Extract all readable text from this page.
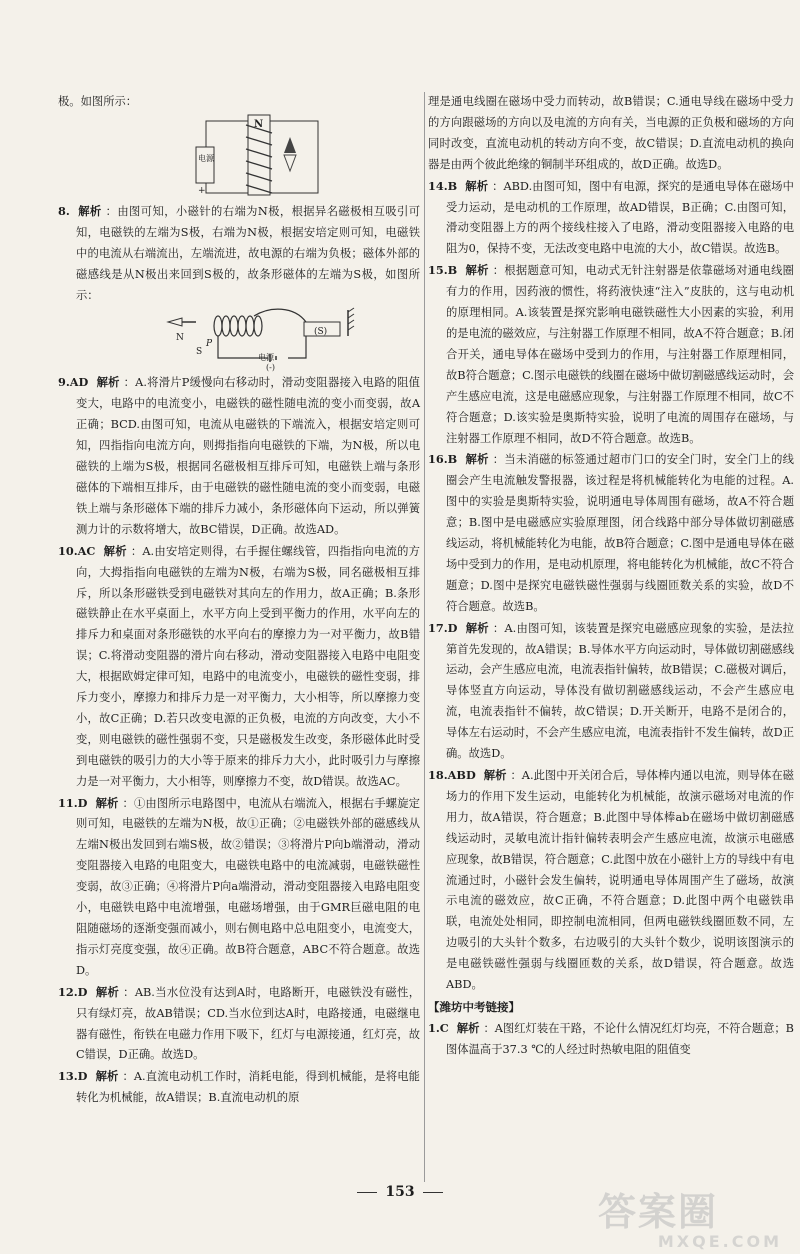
极。如图所示：

电源
+
N

8. 解析 ：由图可知，小磁针的右端为N极，根据异名磁极相互吸引可知，电磁铁的左端为S极，右端为N极，根据安培定则可知，电磁铁中的电流从右端流出，左端流进，故电源的右端为负极；磁体外部的磁感线是从N极出来回到S极的，故条形磁体的左端为S极，如图所示：

N
S
P
(S)
电源
(-)

9.AD 解析 ：A.将滑片P缓慢向右移动时，滑动变阻器接入电路的阻值变大，电路中的电流变小，电磁铁的磁性随电流的变小而变弱，故A正确；BCD.由图可知，电流从电磁铁的下端流入，根据安培定则可知，四指指向电流方向，则拇指指向电磁铁的下端，为N极，所以电磁铁的上端为S极，根据同名磁极相互排斥可知，电磁铁上端与条形磁体的下端相互排斥，由于电磁铁的磁性随电流的变小而变弱，电磁铁上端与条形磁体下端的排斥力减小，条形磁体向下运动，所以弹簧测力计的示数将增大，故BC错误，D正确。故选AD。

10.AC 解析 ：A.由安培定则得，右手握住螺线管，四指指向电流的方向，大拇指指向电磁铁的左端为N极，右端为S极，同名磁极相互排斥，所以条形磁铁受到电磁铁对其向左的作用力，故A正确；B.条形磁铁静止在水平桌面上，水平方向上受到平衡力的作用，水平向左的排斥力和桌面对条形磁铁的水平向右的摩擦力为一对平衡力，故B错误；C.将滑动变阻器的滑片向右移动，滑动变阻器接入电路中电阻变大，根据欧姆定律可知，电路中的电流变小，电磁铁的磁性变弱，排斥力变小，摩擦力和排斥力是一对平衡力，大小相等，所以摩擦力变小，故C正确；D.若只改变电源的正负极，电流的方向改变，大小不变，则电磁铁的磁性强弱不变，只是磁极发生改变，条形磁体此时受到电磁铁的吸引力的大小等于原来的排斥力大小，此时吸引力与摩擦力是一对平衡力，大小相等，则摩擦力不变，故D错误。故选AC。

11.D 解析 ：①由图所示电路图中，电流从右端流入，根据右手螺旋定则可知，电磁铁的左端为N极，故①正确；②电磁铁外部的磁感线从左端N极出发回到右端S极，故②错误；③将滑片P向b端滑动，滑动变阻器接入电路的电阻变大，电磁铁电路中的电流减弱，电磁铁磁性变弱，故③正确；④将滑片P向a端滑动，滑动变阻器接入电路电阻变小，电磁铁电路中电流增强，电磁场增强，由于GMR巨磁电阻的电阻随磁场的逐渐变强而减小，则右侧电路中总电阻变小，电流变大，指示灯亮度变强，故④正确。故B符合题意，ABC不符合题意。故选D。

12.D 解析 ：AB.当水位没有达到A时，电路断开，电磁铁没有磁性，只有绿灯亮，故AB错误；CD.当水位到达A时，电路接通，电磁继电器有磁性，衔铁在电磁力作用下吸下，红灯与电源接通，红灯亮，故C错误，D正确。故选D。

13.D 解析 ：A.直流电动机工作时，消耗电能，得到机械能，是将电能转化为机械能，故A错误；B.直流电动机的原

理是通电线圈在磁场中受力而转动，故B错误；C.通电导线在磁场中受力的方向跟磁场的方向以及电流的方向有关，当电源的正负极和磁场的方向同时改变，直流电动机的转动方向不变，故C错误；D.直流电动机的换向器是由两个彼此绝缘的铜制半环组成的，故D正确。故选D。

14.B 解析 ：ABD.由图可知，图中有电源，探究的是通电导体在磁场中受力运动，是电动机的工作原理，故AD错误，B正确；C.由图可知，滑动变阻器上方的两个接线柱接入了电路，滑动变阻器接入电路的电阻为0，保持不变，无法改变电路中电流的大小，故C错误。故选B。

15.B 解析 ：根据题意可知，电动式无针注射器是依靠磁场对通电线圈有力的作用，因药液的惯性，将药液快速“注入”皮肤的，这与电动机的原理相同。A.该装置是探究影响电磁铁磁性大小因素的实验，利用的是电流的磁效应，与注射器工作原理不相同，故A不符合题意；B.闭合开关，通电导体在磁场中受到力的作用，与注射器工作原理相同，故B符合题意；C.图示电磁铁的线圈在磁场中做切割磁感线运动时，会产生感应电流，这是电磁感应现象，与注射器工作原理不相同，故C不符合题意；D.该实验是奥斯特实验，说明了电流的周围存在磁场，与注射器工作原理不相同，故D不符合题意。故选B。

16.B 解析 ：当未消磁的标签通过超市门口的安全门时，安全门上的线圈会产生电流触发警报器，该过程是将机械能转化为电能的过程。A.图中的实验是奥斯特实验，说明通电导体周围有磁场，故A不符合题意；B.图中是电磁感应实验原理图，闭合线路中部分导体做切割磁感线运动，将机械能转化为电能，故B符合题意；C.图中是通电导体在磁场中受到力的作用，是电动机原理，将电能转化为机械能，故C不符合题意；D.图中是探究电磁铁磁性强弱与线圈匝数关系的实验，故D不符合题意。故选B。

17.D 解析 ：A.由图可知，该装置是探究电磁感应现象的实验，是法拉第首先发现的，故A错误；B.导体水平方向运动时，导体做切割磁感线运动，会产生感应电流，电流表指针偏转，故B错误；C.磁极对调后，导体竖直方向运动，导体没有做切割磁感线运动，不会产生感应电流，电流表指针不偏转，故C错误；D.开关断开，电路不是闭合的，导体左右运动时，不会产生感应电流，电流表指针不发生偏转，故D正确。故选D。

18.ABD 解析 ：A.此图中开关闭合后，导体棒内通以电流，则导体在磁场力的作用下发生运动，电能转化为机械能，故演示磁场对电流的作用力，故A错误，符合题意；B.此图中导体棒ab在磁场中做切割磁感线运动时，灵敏电流计指针偏转表明会产生感应电流，故演示电磁感应现象，故B错误，符合题意；C.此图中放在小磁针上方的导线中有电流通过时，小磁针会发生偏转，说明通电导体周围产生了磁场，故演示电流的磁效应，故C正确，不符合题意；D.此图中两个电磁铁串联，电流处处相同，即控制电流相同，但两电磁铁线圈匝数不同，左边吸引的大头针个数多，右边吸引的大头针个数少，说明该图演示的是电磁铁磁性强弱与线圈匝数的关系，故D错误，符合题意。故选ABD。

【潍坊中考链接】

1.C 解析 ：A图红灯装在干路，不论什么情况红灯均亮，不符合题意；B图体温高于37.3 ℃的人经过时热敏电阻的阻值变

153	答案圈
MXQE.COM
